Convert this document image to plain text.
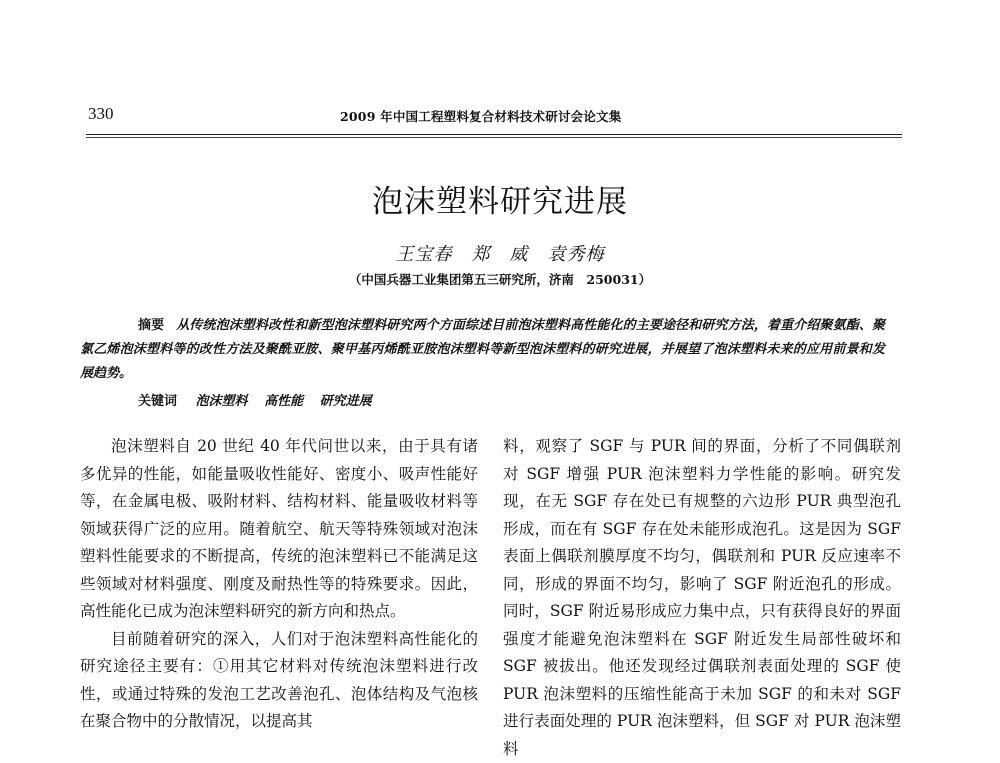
330	2009 年中国工程塑料复合材料技术研讨会论文集
泡沫塑料研究进展
王宝春　郑　威　袁秀梅
（中国兵器工业集团第五三研究所，济南　250031）
摘要 从传统泡沫塑料改性和新型泡沫塑料研究两个方面综述目前泡沫塑料高性能化的主要途径和研究方法，着重介绍聚氨酯、聚氯乙烯泡沫塑料等的改性方法及聚酰亚胺、聚甲基丙烯酰亚胺泡沫塑料等新型泡沫塑料的研究进展，并展望了泡沫塑料未来的应用前景和发展趋势。
关键词 泡沫塑料 高性能 研究进展

泡沫塑料自 20 世纪 40 年代问世以来，由于具有诸多优异的性能，如能量吸收性能好、密度小、吸声性能好等，在金属电极、吸附材料、结构材料、能量吸收材料等领域获得广泛的应用。随着航空、航天等特殊领域对泡沫塑料性能要求的不断提高，传统的泡沫塑料已不能满足这些领域对材料强度、刚度及耐热性等的特殊要求。因此，高性能化已成为泡沫塑料研究的新方向和热点。

目前随着研究的深入，人们对于泡沫塑料高性能化的研究途径主要有：①用其它材料对传统泡沫塑料进行改性，或通过特殊的发泡工艺改善泡孔、泡体结构及气泡核在聚合物中的分散情况，以提高其

料，观察了 SGF 与 PUR 间的界面，分析了不同偶联剂对 SGF 增强 PUR 泡沫塑料力学性能的影响。研究发现，在无 SGF 存在处已有规整的六边形 PUR 典型泡孔形成，而在有 SGF 存在处未能形成泡孔。这是因为 SGF 表面上偶联剂膜厚度不均匀，偶联剂和 PUR 反应速率不同，形成的界面不均匀，影响了 SGF 附近泡孔的形成。同时，SGF 附近易形成应力集中点，只有获得良好的界面强度才能避免泡沫塑料在 SGF 附近发生局部性破坏和 SGF 被拔出。他还发现经过偶联剂表面处理的 SGF 使 PUR 泡沫塑料的压缩性能高于未加 SGF 的和未对 SGF 进行表面处理的 PUR 泡沫塑料，但 SGF 对 PUR 泡沫塑料
